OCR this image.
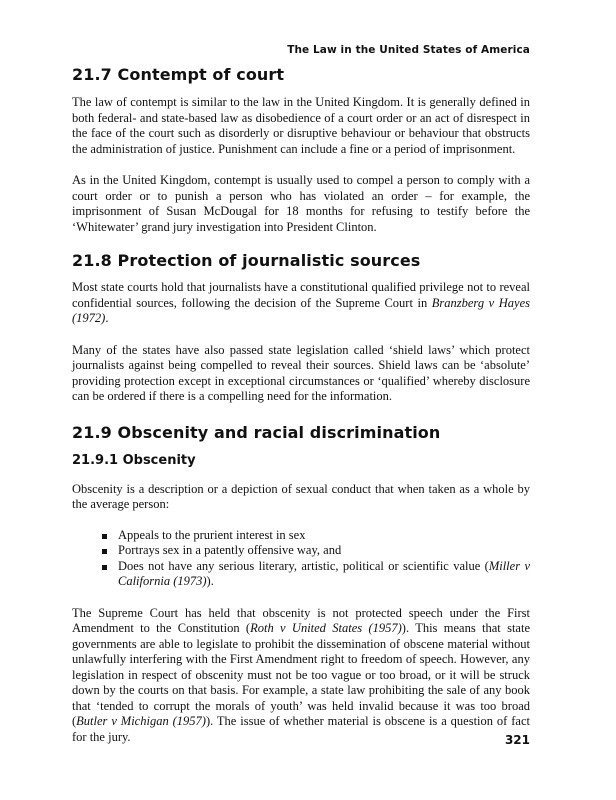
The Law in the United States of America
21.7 Contempt of court

The law of contempt is similar to the law in the United Kingdom. It is generally defined in both federal- and state-based law as disobedience of a court order or an act of disrespect in the face of the court such as disorderly or disruptive behaviour or behaviour that obstructs the administration of justice. Punishment can include a fine or a period of imprisonment.

As in the United Kingdom, contempt is usually used to compel a person to comply with a court order or to punish a person who has violated an order – for example, the imprisonment of Susan McDougal for 18 months for refusing to testify before the ‘Whitewater’ grand jury investigation into President Clinton.

21.8 Protection of journalistic sources

Most state courts hold that journalists have a constitutional qualified privilege not to reveal confidential sources, following the decision of the Supreme Court in Branzberg v Hayes (1972).

Many of the states have also passed state legislation called ‘shield laws’ which protect journalists against being compelled to reveal their sources. Shield laws can be ‘absolute’ providing protection except in exceptional circumstances or ‘qualified’ whereby disclosure can be ordered if there is a compelling need for the information.

21.9 Obscenity and racial discrimination
21.9.1 Obscenity

Obscenity is a description or a depiction of sexual conduct that when taken as a whole by the average person:

Appeals to the prurient interest in sex
Portrays sex in a patently offensive way, and
Does not have any serious literary, artistic, political or scientific value (Miller v California (1973)).

The Supreme Court has held that obscenity is not protected speech under the First Amendment to the Constitution (Roth v United States (1957)). This means that state governments are able to legislate to prohibit the dissemination of obscene material without unlawfully interfering with the First Amendment right to freedom of speech. However, any legislation in respect of obscenity must not be too vague or too broad, or it will be struck down by the courts on that basis. For example, a state law prohibiting the sale of any book that ‘tended to corrupt the morals of youth’ was held invalid because it was too broad (Butler v Michigan (1957)). The issue of whether material is obscene is a question of fact for the jury.	321
